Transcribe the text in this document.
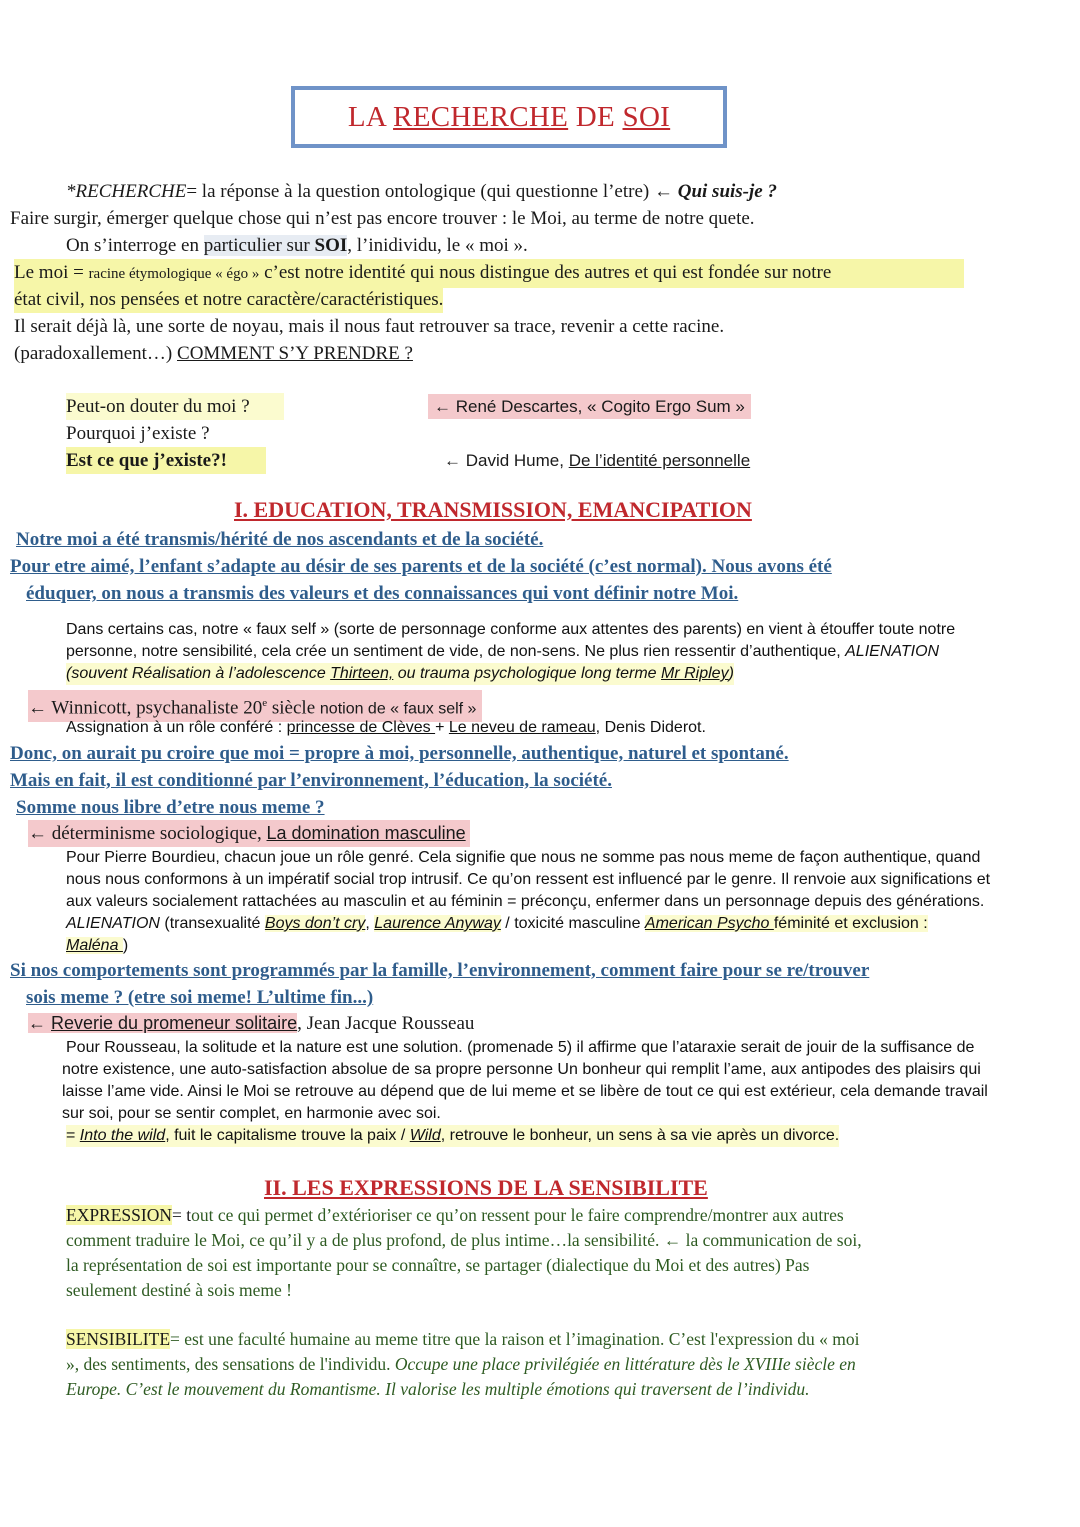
LA RECHERCHE DE SOI
*RECHERCHE= la réponse à la question ontologique (qui questionne l’etre) ← Qui suis-je ?
Faire surgir, émerger quelque chose qui n’est pas encore trouver : le Moi, au terme de notre quete.
On s’interroge en particulier sur SOI, l’inidividu, le « moi ».
Le moi = racine étymologique « égo » c’est notre identité qui nous distingue des autres et qui est fondée sur notre
état civil, nos pensées et notre caractère/caractéristiques.
Il serait déjà là, une sorte de noyau, mais il nous faut retrouver sa trace, revenir a cette racine.
(paradoxallement…) COMMENT S’Y PRENDRE ?
Peut-on douter du moi ?
Pourquoi j’existe ?
Est ce que j’existe?!
← René Descartes, « Cogito Ergo Sum »
← David Hume, De l’identité personnelle
I. EDUCATION, TRANSMISSION, EMANCIPATION
Notre moi a été transmis/hérité de nos ascendants et de la société.
Pour etre aimé, l’enfant s’adapte au désir de ses parents et de la société (c’est normal). Nous avons été
éduquer, on nous a transmis des valeurs et des connaissances qui vont définir notre Moi.
Dans certains cas, notre « faux self » (sorte de personnage conforme aux attentes des parents) en vient à étouffer toute notre
personne, notre sensibilité, cela crée un sentiment de vide, de non-sens. Ne plus rien ressentir d’authentique, ALIENATION
(souvent Réalisation à l’adolescence Thirteen, ou trauma psychologique long terme Mr Ripley)
← Winnicott, psychanaliste 20e siècle notion de « faux self »
Assignation à un rôle conféré : princesse de Clèves + Le neveu de rameau, Denis Diderot.
Donc, on aurait pu croire que moi = propre à moi, personnelle, authentique, naturel et spontané.
Mais en fait, il est conditionné par l’environnement, l’éducation, la société.
Somme nous libre d’etre nous meme ?
← déterminisme sociologique, La domination masculine
Pour Pierre Bourdieu, chacun joue un rôle genré. Cela signifie que nous ne somme pas nous meme de façon authentique, quand
nous nous conformons à un impératif social trop intrusif. Ce qu’on ressent est influencé par le genre. Il renvoie aux significations et
aux valeurs socialement rattachées au masculin et au féminin = préconçu, enfermer dans un personnage depuis des générations.
ALIENATION (transexualité Boys don’t cry, Laurence Anyway / toxicité masculine American Psycho féminité et exclusion :
Maléna )
Si nos comportements sont programmés par la famille, l’environnement, comment faire pour se re/trouver
sois meme ? (etre soi meme! L’ultime fin...)
← Reverie du promeneur solitaire, Jean Jacque Rousseau
Pour Rousseau, la solitude et la nature est une solution. (promenade 5) il affirme que l’ataraxie serait de jouir de la suffisance de
notre existence, une auto-satisfaction absolue de sa propre personne Un bonheur qui remplit l’ame, aux antipodes des plaisirs qui
laisse l’ame vide. Ainsi le Moi se retrouve au dépend que de lui meme et se libère de tout ce qui est extérieur, cela demande travail
sur soi, pour se sentir complet, en harmonie avec soi.
= Into the wild, fuit le capitalisme trouve la paix / Wild, retrouve le bonheur, un sens à sa vie après un divorce.
II. LES EXPRESSIONS DE LA SENSIBILITE
EXPRESSION= tout ce qui permet d’extérioriser ce qu’on ressent pour le faire comprendre/montrer aux autres
comment traduire le Moi, ce qu’il y a de plus profond, de plus intime…la sensibilité. ← la communication de soi,
la représentation de soi est importante pour se connaître, se partager (dialectique du Moi et des autres) Pas
seulement destiné à sois meme !
SENSIBILITE= est une faculté humaine au meme titre que la raison et l’imagination. C’est l'expression du « moi
», des sentiments, des sensations de l'individu. Occupe une place privilégiée en littérature dès le XVIIIe siècle en
Europe. C’est le mouvement du Romantisme. Il valorise les multiple émotions qui traversent de l’individu.
